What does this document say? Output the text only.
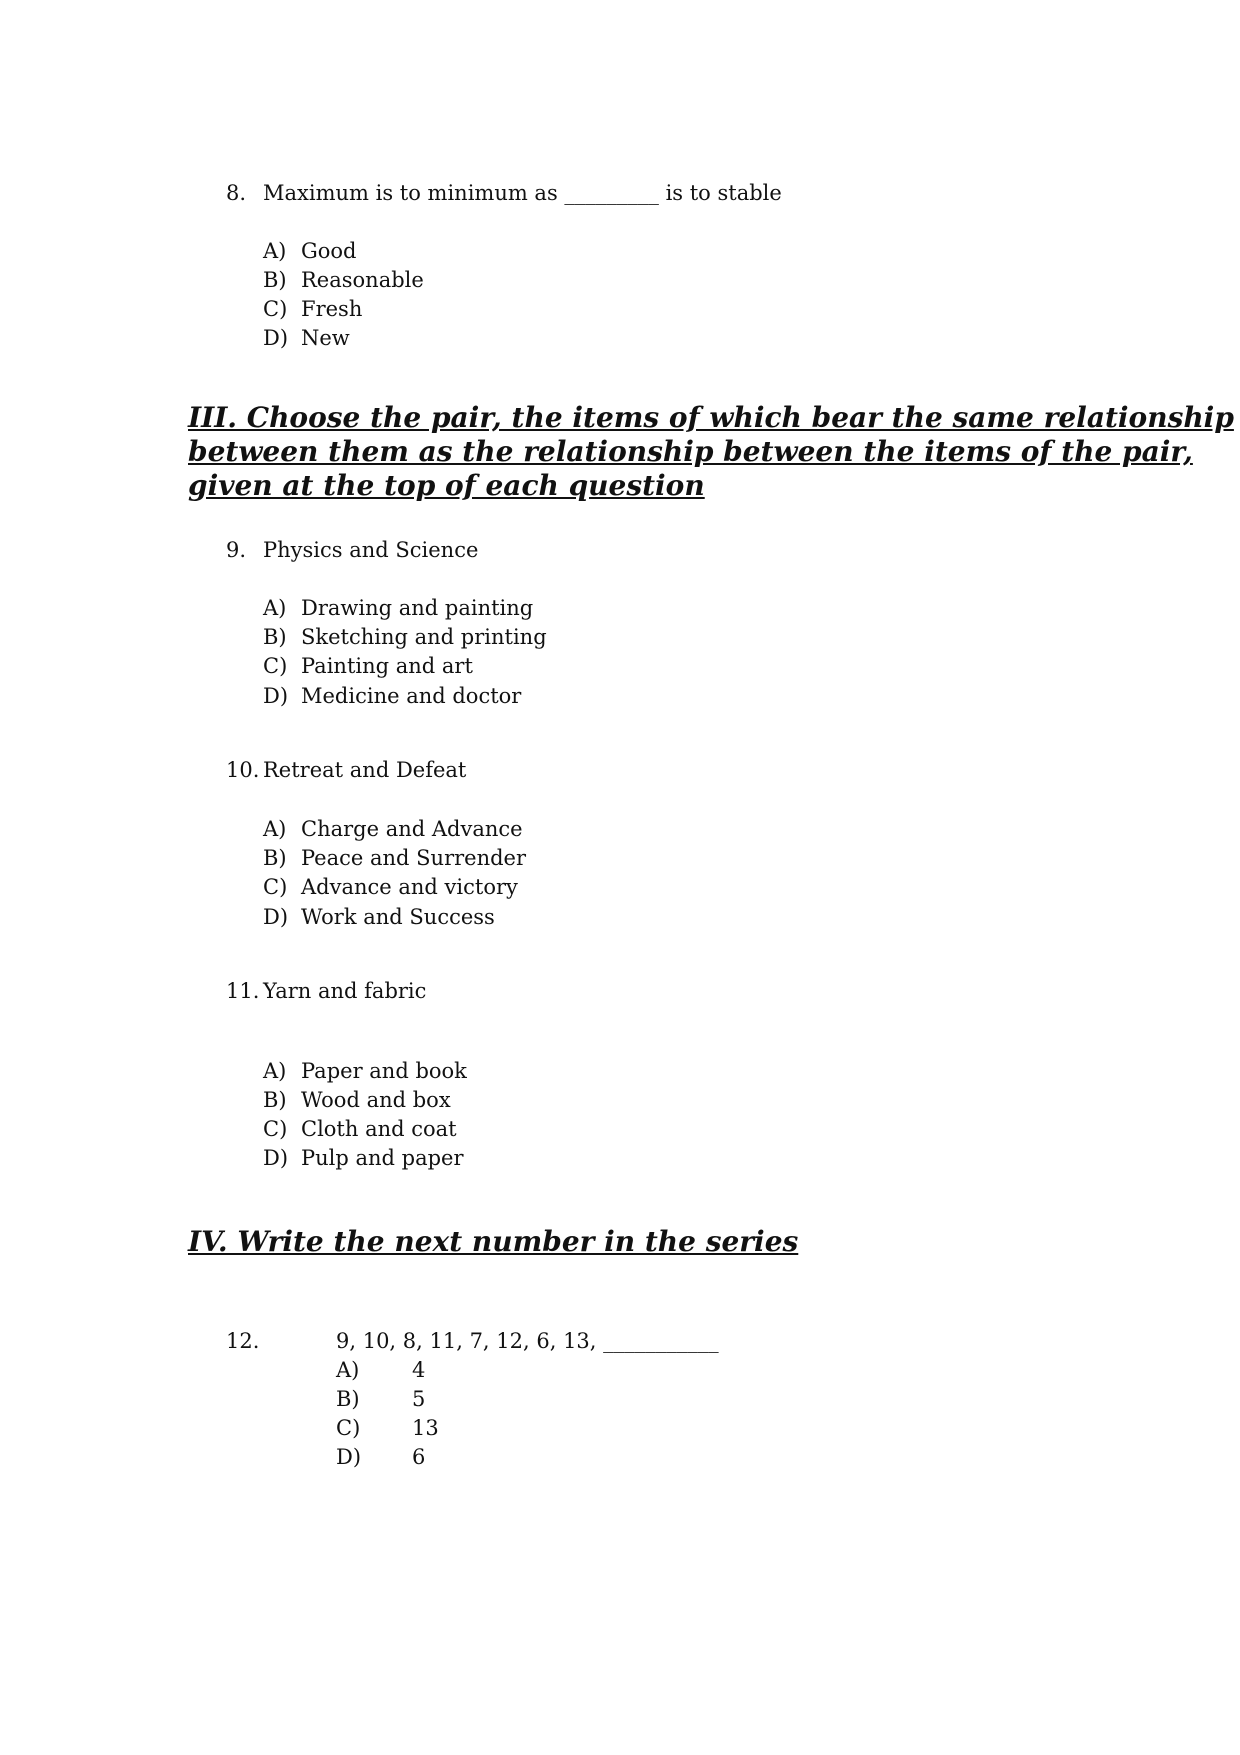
8. Maximum is to minimum as _________ is to stable
A) Good
B) Reasonable
C) Fresh
D) New
III. Choose the pair, the items of which bear the same relationship
between them as the relationship between the items of the pair,
given at the top of each question
9. Physics and Science
A) Drawing and painting
B) Sketching and printing
C) Painting and art
D) Medicine and doctor
10. Retreat and Defeat
A) Charge and Advance
B) Peace and Surrender
C) Advance and victory
D) Work and Success
11. Yarn and fabric
A) Paper and book
B) Wood and box
C) Cloth and coat
D) Pulp and paper
IV. Write the next number in the series
12.	9, 10, 8, 11, 7, 12, 6, 13, ___________
A)	4
B) 5
C) 13
D) 6
